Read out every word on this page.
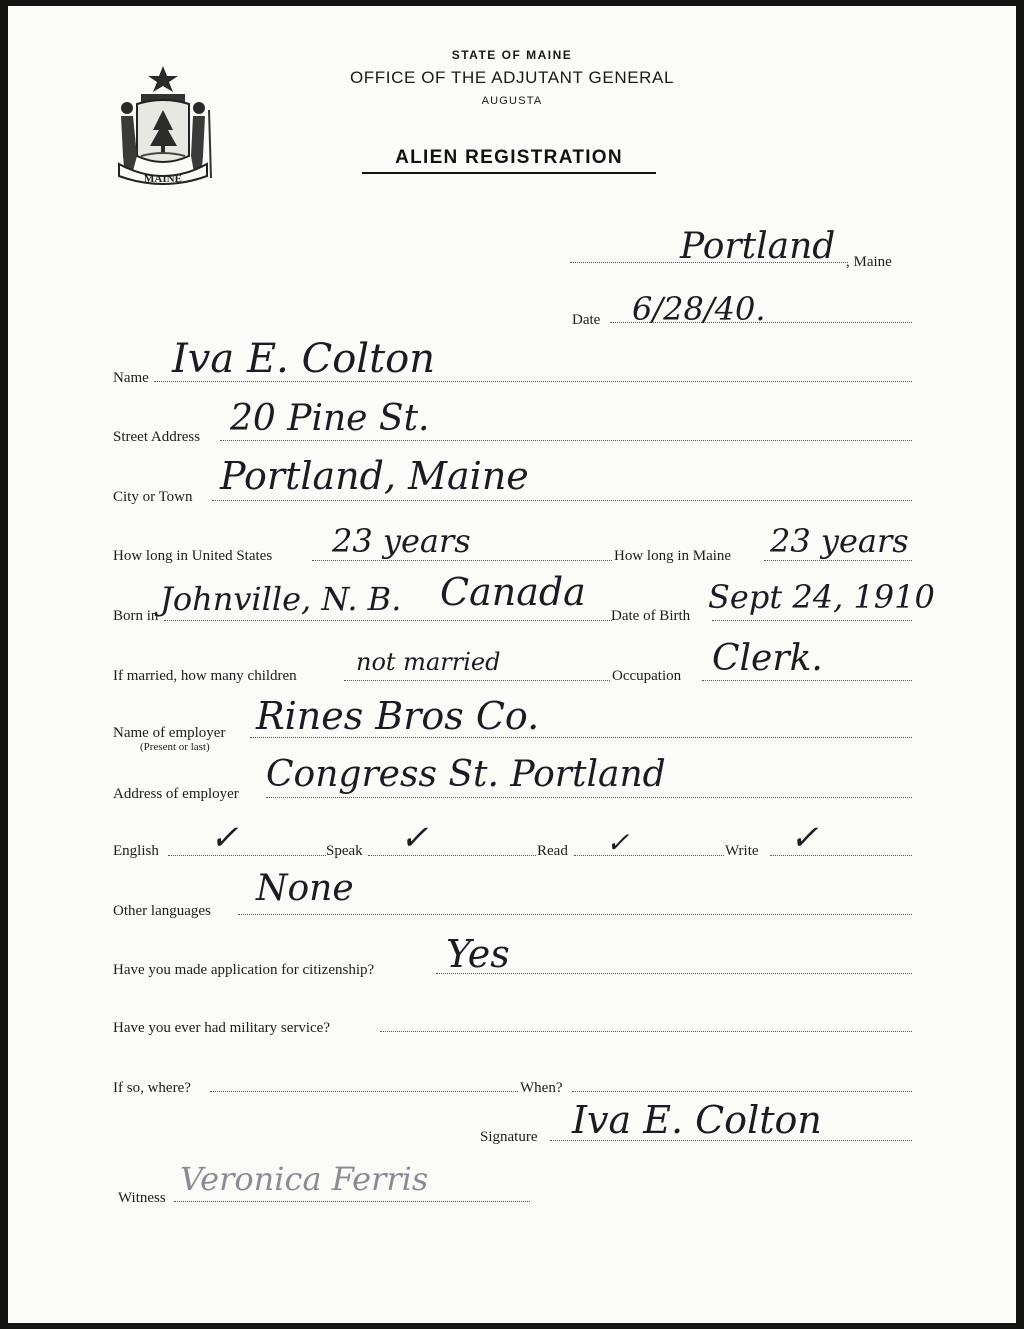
MAINE
STATE OF MAINE
OFFICE OF THE ADJUTANT GENERAL
AUGUSTA
ALIEN REGISTRATION
Portland , Maine
Date 6/28/40.
Name Iva E. Colton
Street Address 20 Pine St.
City or Town Portland, Maine
How long in United States 23 years	How long in Maine 23 years
Born in Johnville, N. B. Canada
Date of Birth Sept 24, 1910
If married, how many children not married	Occupation Clerk.
Name of employer
(Present or last)
Rines Bros Co.
Address of employer Congress St. Portland
English ✓	Speak ✓	Read ✓	Write ✓
Other languages
None
Have you made application for citizenship? Yes
Have you ever had military service?
If so, where?	When?
Signature Iva E. Colton
Witness Veronica Ferris
